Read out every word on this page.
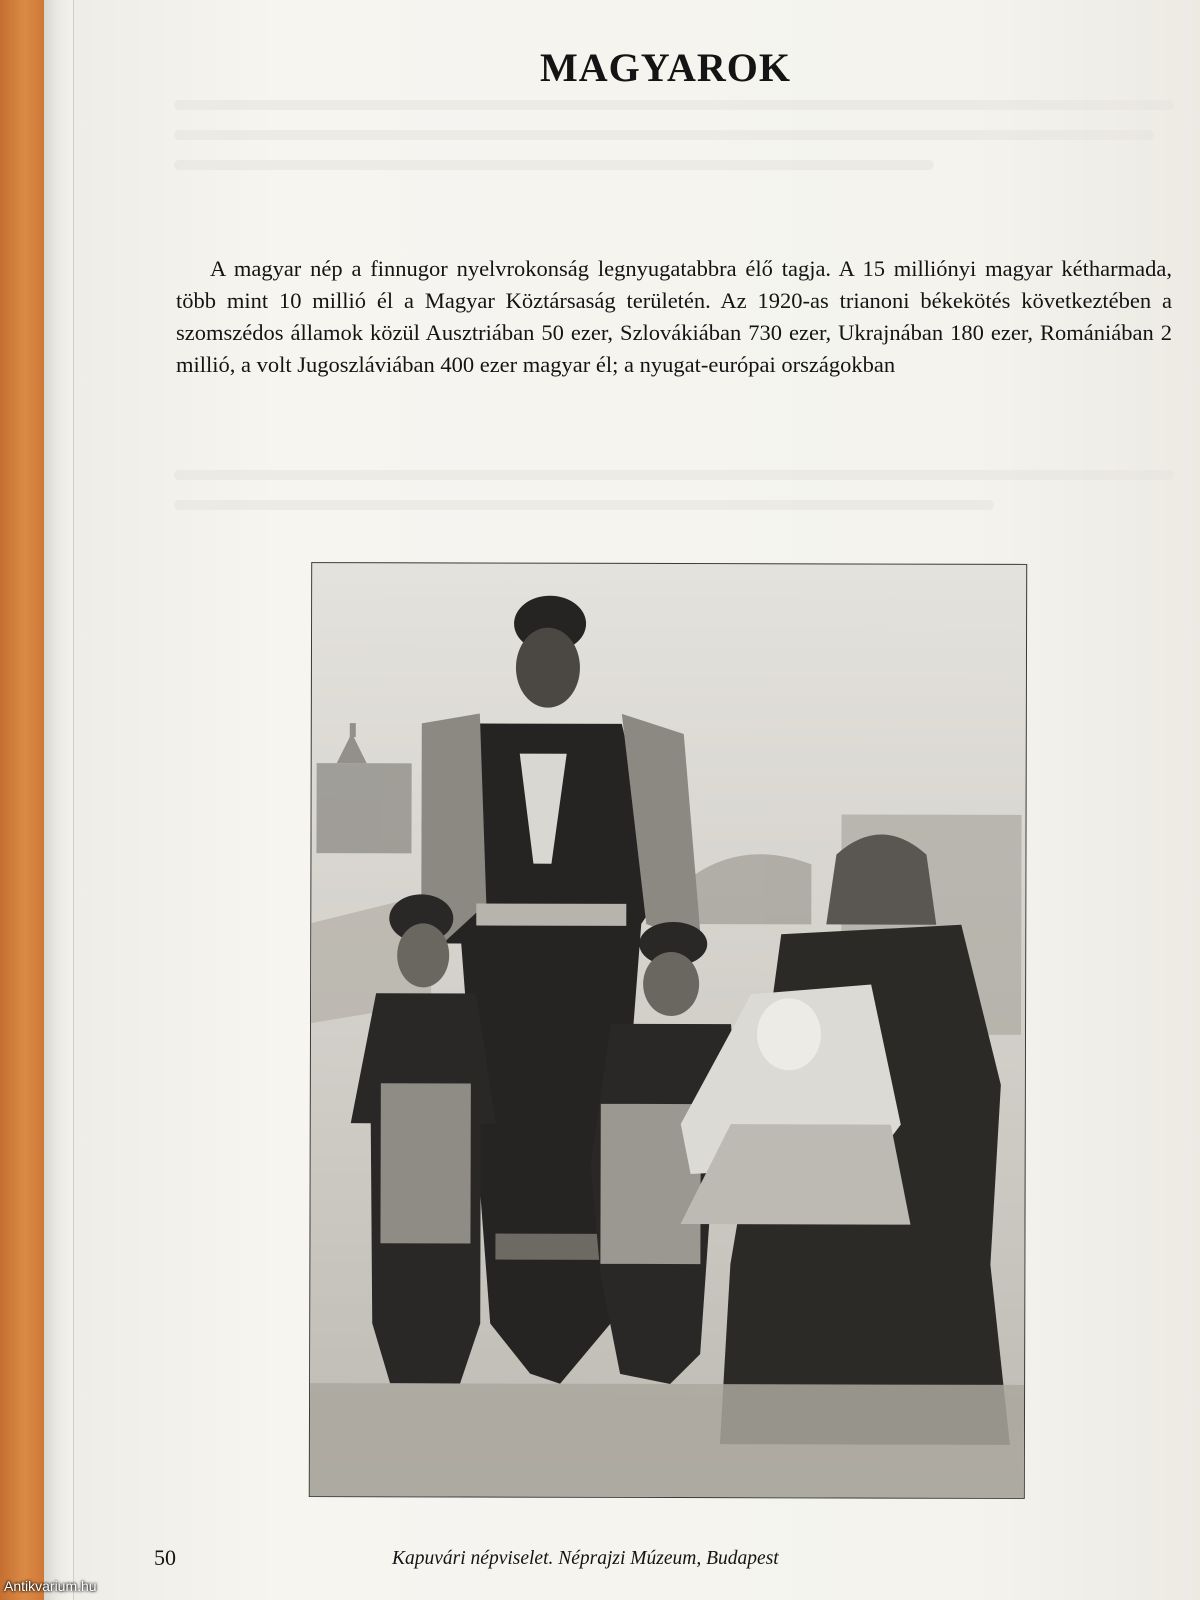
MAGYAROK

A magyar nép a finnugor nyelvrokonság legnyugatabbra élő tagja. A 15 milliónyi magyar kétharmada, több mint 10 millió él a Magyar Köztársaság területén. Az 1920-as trianoni békekötés következtében a szomszédos államok közül Ausztriában 50 ezer, Szlovákiában 730 ezer, Ukrajnában 180 ezer, Romániában 2 millió, a volt Jugoszláviában 400 ezer magyar él; a nyugat-európai országokban

Kapuvári népviselet. Néprajzi Múzeum, Budapest
50
Antikvarium.hu
